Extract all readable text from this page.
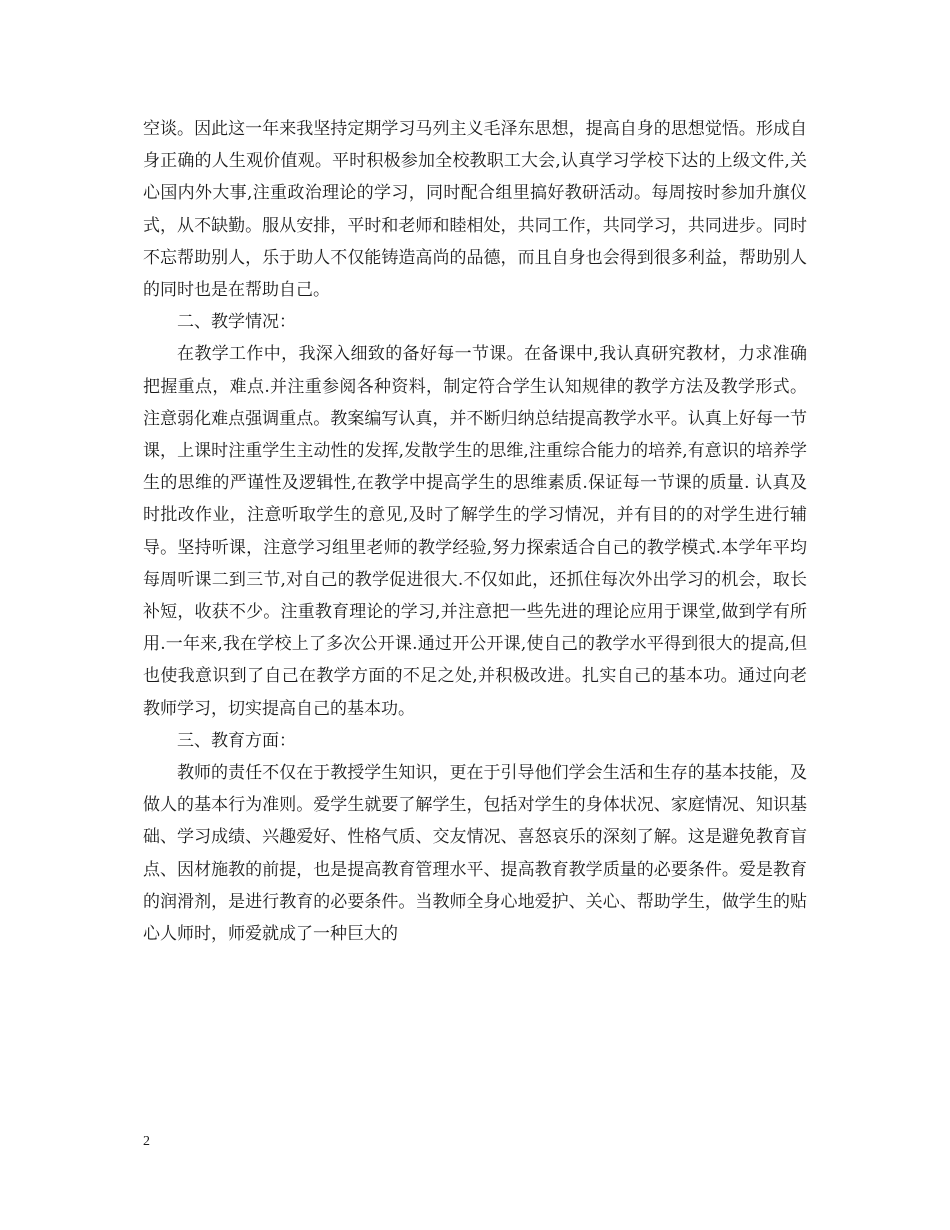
空谈。因此这一年来我坚持定期学习马列主义毛泽东思想，提高自身的思想觉悟。形成自身正确的人生观价值观。平时积极参加全校教职工大会,认真学习学校下达的上级文件,关心国内外大事,注重政治理论的学习，同时配合组里搞好教研活动。每周按时参加升旗仪式，从不缺勤。服从安排，平时和老师和睦相处，共同工作，共同学习，共同进步。同时不忘帮助别人，乐于助人不仅能铸造高尚的品德，而且自身也会得到很多利益，帮助别人的同时也是在帮助自己。

二、教学情况：

在教学工作中，我深入细致的备好每一节课。在备课中,我认真研究教材，力求准确把握重点，难点.并注重参阅各种资料，制定符合学生认知规律的教学方法及教学形式。注意弱化难点强调重点。教案编写认真，并不断归纳总结提高教学水平。认真上好每一节课，上课时注重学生主动性的发挥,发散学生的思维,注重综合能力的培养,有意识的培养学生的思维的严谨性及逻辑性,在教学中提高学生的思维素质.保证每一节课的质量. 认真及时批改作业，注意听取学生的意见,及时了解学生的学习情况，并有目的的对学生进行辅导。坚持听课，注意学习组里老师的教学经验,努力探索适合自己的教学模式.本学年平均每周听课二到三节,对自己的教学促进很大.不仅如此，还抓住每次外出学习的机会，取长补短，收获不少。注重教育理论的学习,并注意把一些先进的理论应用于课堂,做到学有所用.一年来,我在学校上了多次公开课.通过开公开课,使自己的教学水平得到很大的提高,但也使我意识到了自己在教学方面的不足之处,并积极改进。扎实自己的基本功。通过向老教师学习，切实提高自己的基本功。

三、教育方面：

教师的责任不仅在于教授学生知识，更在于引导他们学会生活和生存的基本技能，及做人的基本行为准则。爱学生就要了解学生，包括对学生的身体状况、家庭情况、知识基础、学习成绩、兴趣爱好、性格气质、交友情况、喜怒哀乐的深刻了解。这是避免教育盲点、因材施教的前提，也是提高教育管理水平、提高教育教学质量的必要条件。爱是教育的润滑剂，是进行教育的必要条件。当教师全身心地爱护、关心、帮助学生，做学生的贴心人师时，师爱就成了一种巨大的

2
